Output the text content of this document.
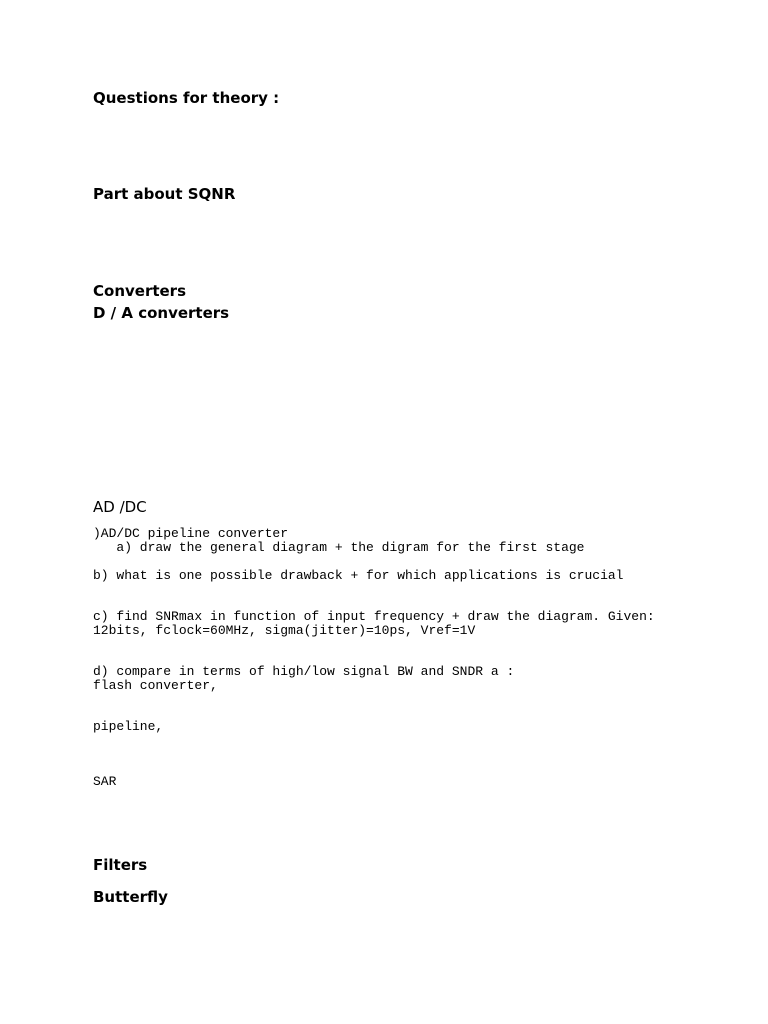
Questions for theory :
Part about SQNR
Converters
D / A converters
AD /DC
)AD/DC pipeline converter
a) draw the general diagram + the digram for the first stage
b) what is one possible drawback + for which applications is crucial
c) find SNRmax in function of input frequency + draw the diagram. Given:
12bits, fclock=60MHz, sigma(jitter)=10ps, Vref=1V
d) compare in terms of high/low signal BW and SNDR a :
flash converter,
pipeline,
SAR
Filters
Butterfly
